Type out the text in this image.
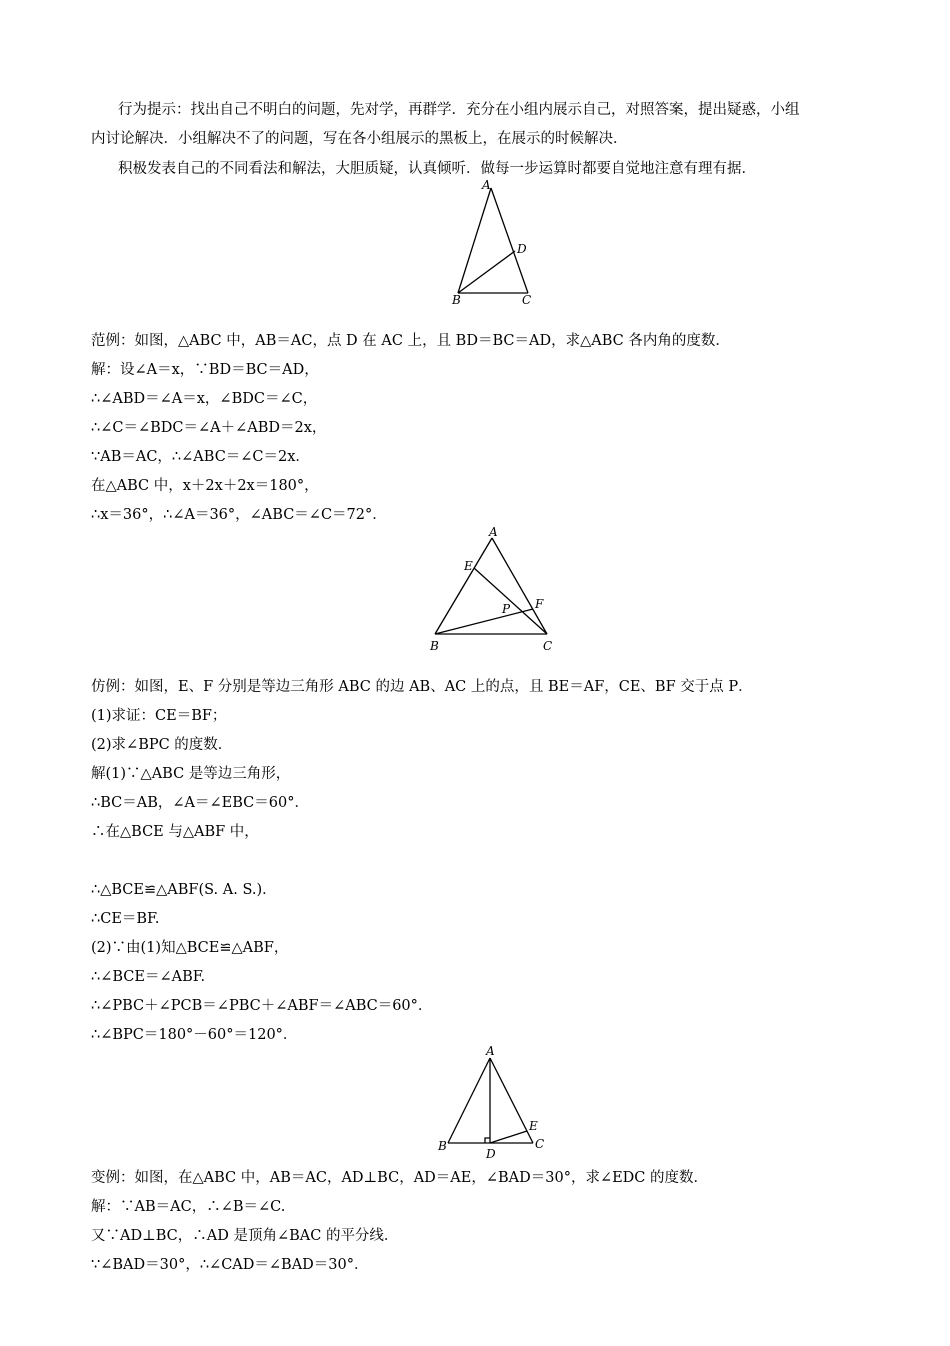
行为提示：找出自己不明白的问题，先对学，再群学．充分在小组内展示自己，对照答案，提出疑惑，小组
内讨论解决．小组解决不了的问题，写在各小组展示的黑板上，在展示的时候解决．
积极发表自己的不同看法和解法，大胆质疑，认真倾听．做每一步运算时都要自觉地注意有理有据．
A
B	C
D
范例：如图，△ABC 中，AB＝AC，点 D 在 AC 上，且 BD＝BC＝AD，求△ABC 各内角的度数．
解：设∠A＝x，∵BD＝BC＝AD，
∴∠ABD＝∠A＝x，∠BDC＝∠C，
∴∠C＝∠BDC＝∠A＋∠ABD＝2x，
∵AB＝AC，∴∠ABC＝∠C＝2x．
在△ABC 中，x＋2x＋2x＝180°，
∴x＝36°，∴∠A＝36°，∠ABC＝∠C＝72°．
A
B	C
E
F
P
仿例：如图，E、F 分别是等边三角形 ABC 的边 AB、AC 上的点，且 BE＝AF，CE、BF 交于点 P．
(1)求证：CE＝BF；
(2)求∠BPC 的度数．
解(1)∵△ABC 是等边三角形，
∴BC＝AB，∠A＝∠EBC＝60°．
∴在△BCE 与△ABF 中，
∴△BCE≌△ABF(S. A. S.)．
∴CE＝BF.
(2)∵由(1)知△BCE≌△ABF，
∴∠BCE＝∠ABF.
∴∠PBC＋∠PCB＝∠PBC＋∠ABF＝∠ABC＝60°．
∴∠BPC＝180°－60°＝120°．
A
B	C
D
E
变例：如图，在△ABC 中，AB＝AC，AD⊥BC，AD＝AE，∠BAD＝30°，求∠EDC 的度数．
解：∵AB＝AC，∴∠B＝∠C.
又∵AD⊥BC，∴AD 是顶角∠BAC 的平分线．
∵∠BAD＝30°，∴∠CAD＝∠BAD＝30°．
